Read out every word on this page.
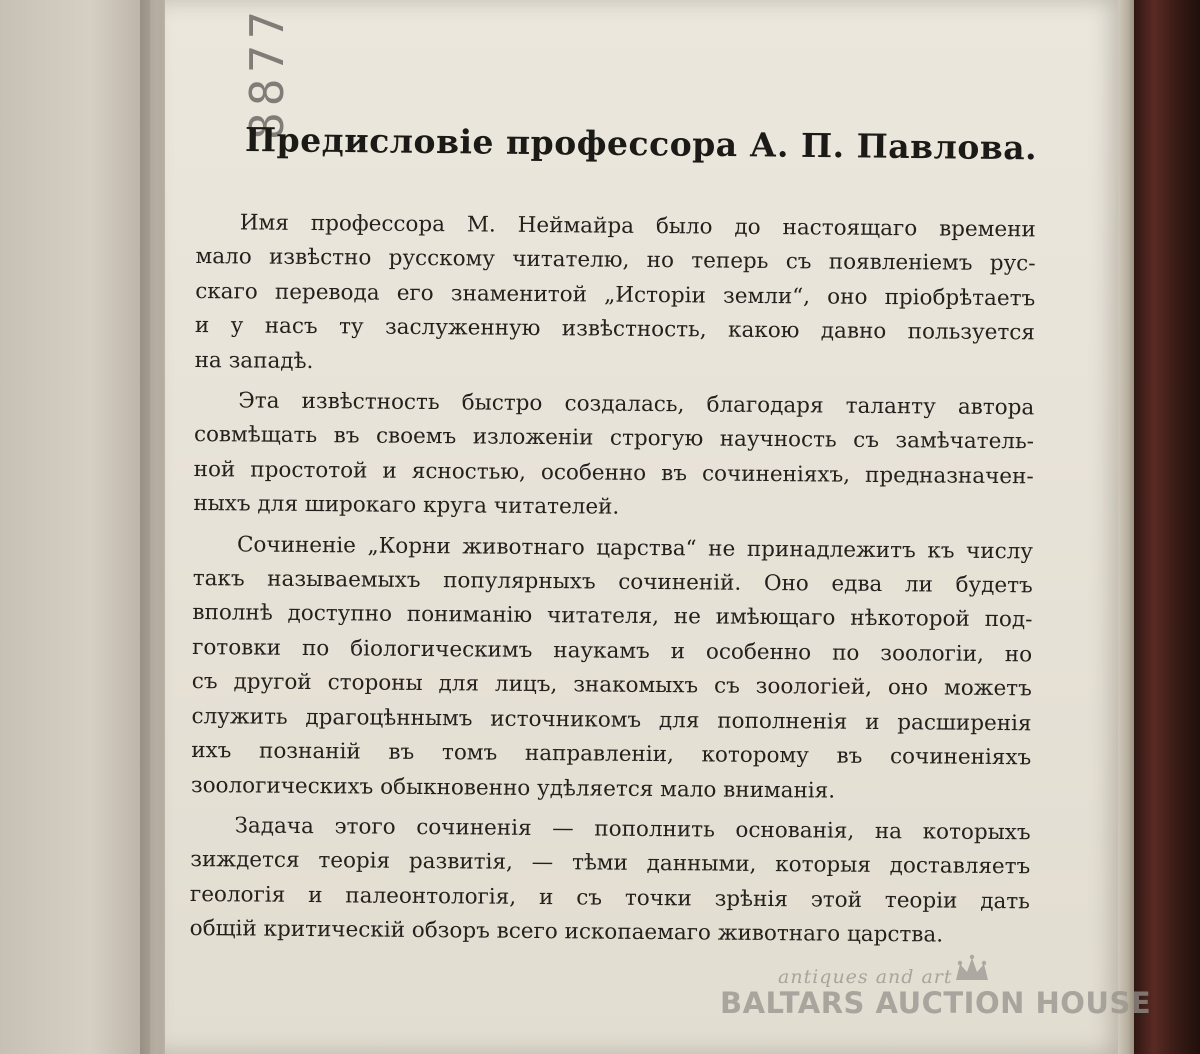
8877
Предисловіе профессора А. П. Павлова.
Имя профессора М. Неймайра было до настоящаго времени
мало извѣстно русскому читателю, но теперь съ появленіемъ рус-
скаго перевода его знаменитой „Исторіи земли“, оно пріобрѣтаетъ
и у насъ ту заслуженную извѣстность, какою давно пользуется
на западѣ.
Эта извѣстность быстро создалась, благодаря таланту автора
совмѣщать въ своемъ изложеніи строгую научность съ замѣчатель-
ной простотой и ясностью, особенно въ сочиненіяхъ, предназначен-
ныхъ для широкаго круга читателей.
Сочиненіе „Корни животнаго царства“ не принадлежитъ къ числу
такъ называемыхъ популярныхъ сочиненій. Оно едва ли будетъ
вполнѣ доступно пониманію читателя, не имѣющаго нѣкоторой под-
готовки по біологическимъ наукамъ и особенно по зоологіи, но
съ другой стороны для лицъ, знакомыхъ съ зоологіей, оно можетъ
служить драгоцѣннымъ источникомъ для пополненія и расширенія
ихъ познаній въ томъ направленіи, которому въ сочиненіяхъ
зоологическихъ обыкновенно удѣляется мало вниманія.
Задача этого сочиненія — пополнить основанія, на которыхъ
зиждется теорія развитія, — тѣми данными, которыя доставляетъ
геологія и палеонтологія, и съ точки зрѣнія этой теоріи дать
общій критическій обзоръ всего ископаемаго животнаго царства.
antiques and art
BALTARS AUCTION HOUSE
